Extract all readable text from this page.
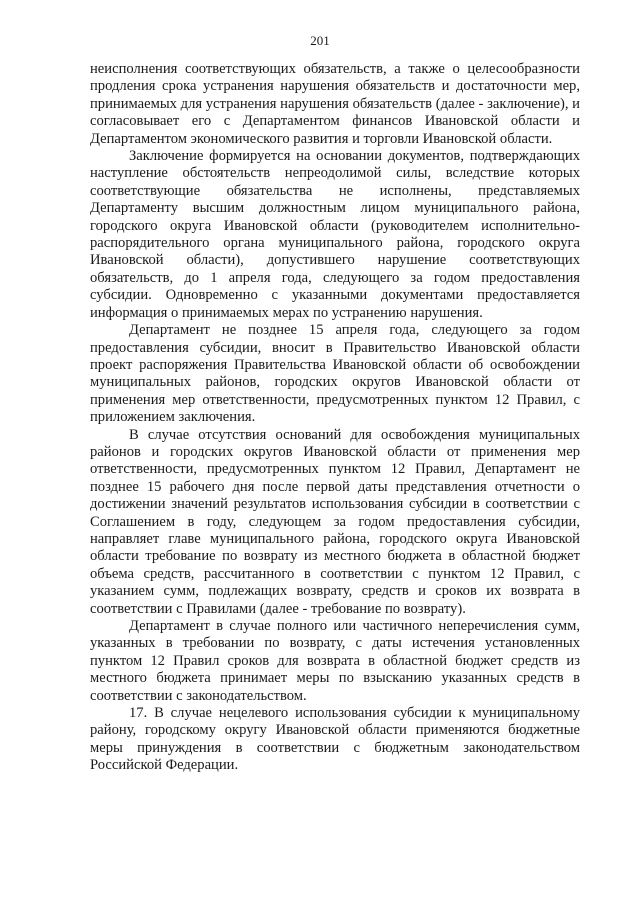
201

неисполнения соответствующих обязательств, а также о целесообразности продления срока устранения нарушения обязательств и достаточности мер, принимаемых для устранения нарушения обязательств (далее - заключение), и согласовывает его с Департаментом финансов Ивановской области и Департаментом экономического развития и торговли Ивановской области.

Заключение формируется на основании документов, подтверждающих наступление обстоятельств непреодолимой силы, вследствие которых соответствующие обязательства не исполнены, представляемых Департаменту высшим должностным лицом муниципального района, городского округа Ивановской области (руководителем исполнительно-распорядительного органа муниципального района, городского округа Ивановской области), допустившего нарушение соответствующих обязательств, до 1 апреля года, следующего за годом предоставления субсидии. Одновременно с указанными документами предоставляется информация о принимаемых мерах по устранению нарушения.

Департамент не позднее 15 апреля года, следующего за годом предоставления субсидии, вносит в Правительство Ивановской области проект распоряжения Правительства Ивановской области об освобождении муниципальных районов, городских округов Ивановской области от применения мер ответственности, предусмотренных пунктом 12 Правил, с приложением заключения.

В случае отсутствия оснований для освобождения муниципальных районов и городских округов Ивановской области от применения мер ответственности, предусмотренных пунктом 12 Правил, Департамент не позднее 15 рабочего дня после первой даты представления отчетности о достижении значений результатов использования субсидии в соответствии с Соглашением в году, следующем за годом предоставления субсидии, направляет главе муниципального района, городского округа Ивановской области требование по возврату из местного бюджета в областной бюджет объема средств, рассчитанного в соответствии с пунктом 12 Правил, с указанием сумм, подлежащих возврату, средств и сроков их возврата в соответствии с Правилами (далее - требование по возврату).

Департамент в случае полного или частичного неперечисления сумм, указанных в требовании по возврату, с даты истечения установленных пунктом 12 Правил сроков для возврата в областной бюджет средств из местного бюджета принимает меры по взысканию указанных средств в соответствии с законодательством.

17. В случае нецелевого использования субсидии к муниципальному району, городскому округу Ивановской области применяются бюджетные меры принуждения в соответствии с бюджетным законодательством Российской Федерации.
